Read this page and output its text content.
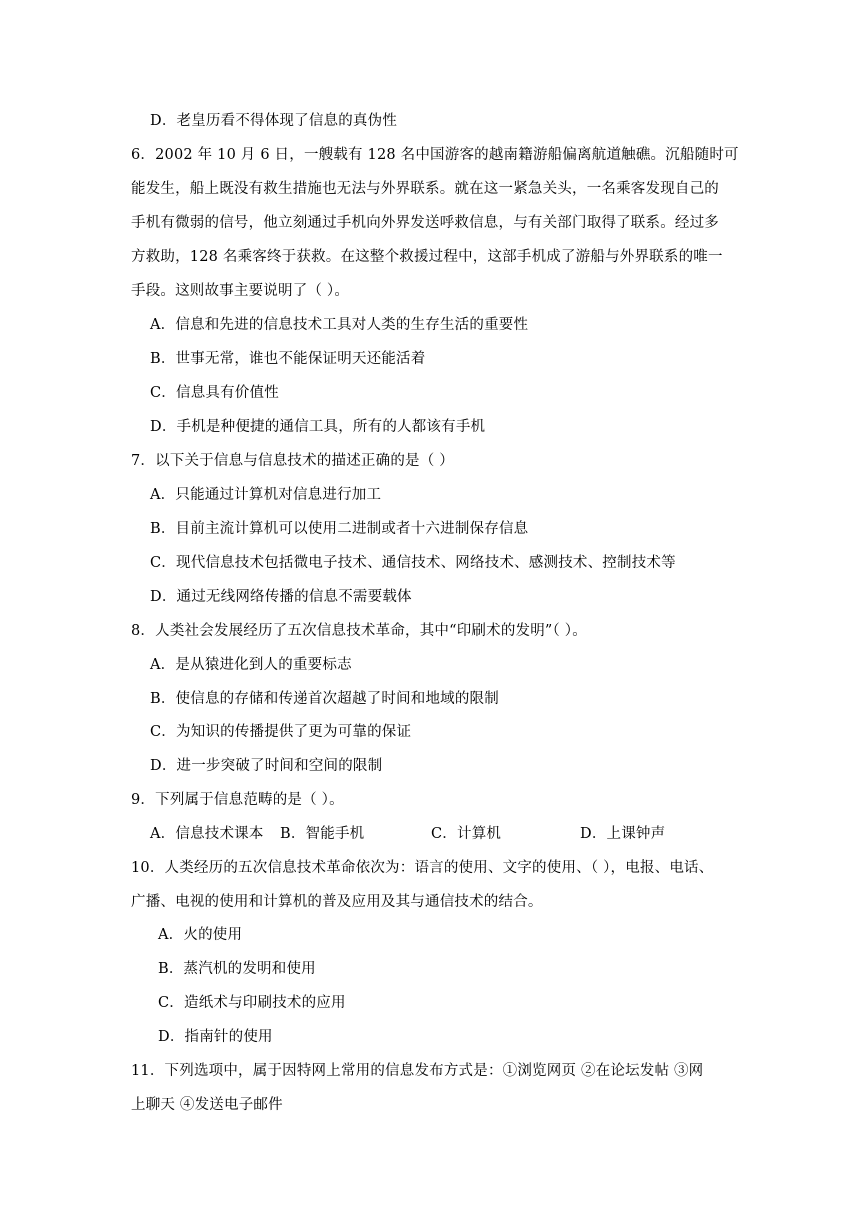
D．老皇历看不得体现了信息的真伪性
6．2002 年 10 月 6 日，一艘载有 128 名中国游客的越南籍游船偏离航道触礁。沉船随时可
能发生，船上既没有救生措施也无法与外界联系。就在这一紧急关头，一名乘客发现自己的
手机有微弱的信号，他立刻通过手机向外界发送呼救信息，与有关部门取得了联系。经过多
方救助，128 名乘客终于获救。在这整个救援过程中，这部手机成了游船与外界联系的唯一
手段。这则故事主要说明了（ ）。
A．信息和先进的信息技术工具对人类的生存生活的重要性
B．世事无常，谁也不能保证明天还能活着
C．信息具有价值性
D．手机是种便捷的通信工具，所有的人都该有手机
7．以下关于信息与信息技术的描述正确的是（ ）
A．只能通过计算机对信息进行加工
B．目前主流计算机可以使用二进制或者十六进制保存信息
C．现代信息技术包括微电子技术、通信技术、网络技术、感测技术、控制技术等
D．通过无线网络传播的信息不需要载体
8．人类社会发展经历了五次信息技术革命，其中“印刷术的发明”（ ）。
A．是从猿进化到人的重要标志
B．使信息的存储和传递首次超越了时间和地域的限制
C．为知识的传播提供了更为可靠的保证
D．进一步突破了时间和空间的限制
9．下列属于信息范畴的是（ ）。
A．信息技术课本 B．智能手机	C．计算机	D．上课钟声
10．人类经历的五次信息技术革命依次为：语言的使用、文字的使用、（ ），电报、电话、
广播、电视的使用和计算机的普及应用及其与通信技术的结合。
A．火的使用
B．蒸汽机的发明和使用
C．造纸术与印刷技术的应用
D．指南针的使用
11．下列选项中，属于因特网上常用的信息发布方式是：①浏览网页 ②在论坛发帖 ③网
上聊天 ④发送电子邮件
